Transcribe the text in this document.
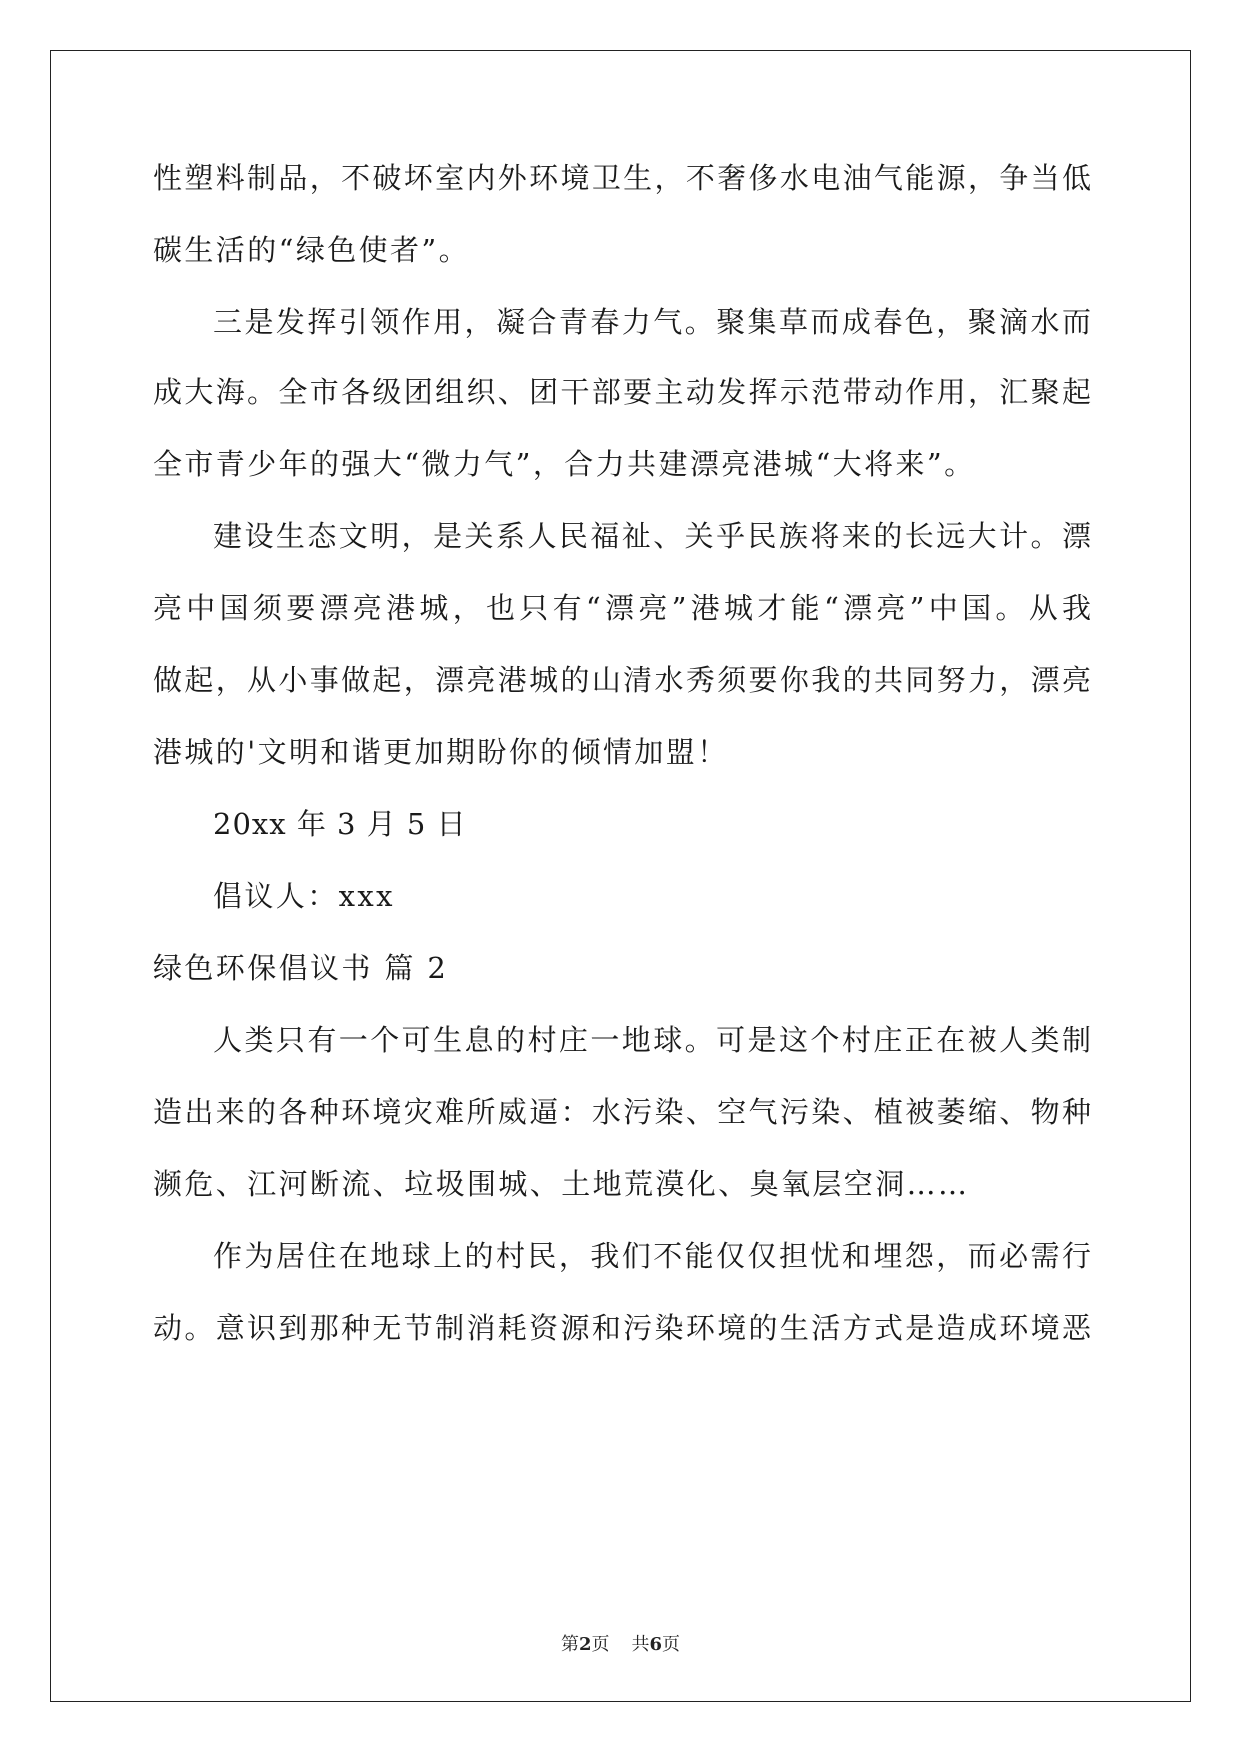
性塑料制品，不破坏室内外环境卫生，不奢侈水电油气能源，争当低
碳生活的“绿色使者”。
三是发挥引领作用，凝合青春力气。聚集草而成春色，聚滴水而
成大海。全市各级团组织、团干部要主动发挥示范带动作用，汇聚起
全市青少年的强大“微力气”，合力共建漂亮港城“大将来”。
建设生态文明，是关系人民福祉、关乎民族将来的长远大计。漂
亮中国须要漂亮港城，也只有“漂亮”港城才能“漂亮”中国。从我
做起，从小事做起，漂亮港城的山清水秀须要你我的共同努力，漂亮
港城的'文明和谐更加期盼你的倾情加盟！
20xx 年 3 月 5 日
倡议人：xxx
绿色环保倡议书 篇 2
人类只有一个可生息的村庄一地球。可是这个村庄正在被人类制
造出来的各种环境灾难所威逼：水污染、空气污染、植被萎缩、物种
濒危、江河断流、垃圾围城、土地荒漠化、臭氧层空洞……
作为居住在地球上的村民，我们不能仅仅担忧和埋怨，而必需行
动。意识到那种无节制消耗资源和污染环境的生活方式是造成环境恶
第2页 共6页
